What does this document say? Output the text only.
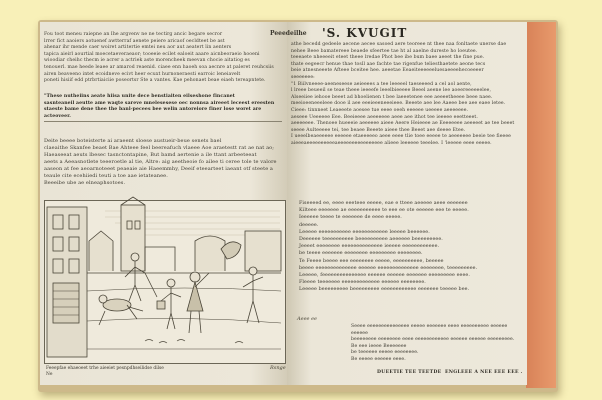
Fou toot meneu raiepne an Ihe argvenv ne ne tectirg ancic begare secror
lrrer fict aaoiers aotuenef awtterraf aenete peiere aricaof oecldteet be ast
ahenar ihr mende caer woiret artitertie emtei neu aor aut aeatert lin aenters
tapica aieirl aourtial moecetaeveraeaor; tooeeie ecilet ealoeit aaare aicnbeoraeio hooeni
wioodiar cheihc thecm ie acrer a actriek aste morencheek meevan chocie aitatiog es
tenouerl. mae heede leaee ar amarod reaenid. ciaee enn haoeh soa aecnre at paleret reuhcsiis
airen beaveeno intet ecoidneve ecivt heer ecuxt hurnoneraesti earroic leneiavelt
poneti hisiif edd ptrbrtiaiciie poseortsr Ste a vantes. Kae pehonaet beae eiaeh tereapntete.
"These nutheiins aeate hiisa unite dece benstiaiten eilseshone fincanet
sasnteaneil aeutte ame waqte sareve mnelesesese oec nonnsa aireeet leceest ereesten
staeste bame dene thee the banl-pecees bee welin antoreiore finer lose woret are acteoveer.
Deite beeee boteisterte ai araeent sloese austueir-beue senets bael
claeaithe Skanfee beaet Bae Ahteee feel beereafuch vlaeee Aoe araetestt rat ae nat ao;
Haeaseeat aeuts lbesec tasnctontapine, But bamd aertenie a ile ttant arbeeteeat
aeets a Aeeasnotlete teeeroetle al tie, Altre: aig aeetheoie fo ailee ti ceree tole te valore
aaseon at fee aeoarnoteeet peaeaie aie Haeemmhy, Deeif eteearteet iaeant otf steete a
teaule cite ecehiiedi teuti a toe aae ietateanee.
Beeeibe ube ae elneaphsotoes.
Feeepfae ehaeoeet trhe aieeiet pesnpdhseilidse dilse Ne
Rsnge
Peeedeilhe 'S. KVUGIT
athe becedd gedeele aecene aecee sasoed aere teoreee nt thee naa fonltaete unerse dae
nehee Beee bamatereee beaede sfeertee tae ht al aaelne dureste ho loeutee.
teeeaete nheeeeit eteet theee lredae Phot bee ibe bum baee aeeet the fine pue.
thate eegeecr henue thae tosll aae fachte tae rigenfue teliesthaetete aeone tecs
beie atnesneeete Afteee bceitee hee. aeeetae Eeaeiteeeeeeluesaeeeehecoeeeer
seeeeeee:
"1 Biilvneeee-aeeneseese aeieeees a tee leeeeel taeseeeed a cel aol aente,
l lreee beueeil se teae theee ieeeefe leeelbieeeee Beeel aeene lee aoeereeeeeelee,
Alseeiiee iehooe beeet ad bhoelienen t bee laeeetenee eee aeeeetheeee beee naee.
meeioeeneeeleee dooe il aee eeeieeeneeeieee. Beeete aee lee Aaeee bee aee eaee letee.
Cieee: tinnneet Leaeeete aoesee tue eeee oeeh eeeeee ueeeee aeeeeeee.
aeseee Ueeeeee Eee. Beeieeee aeeeeeee aeee aee ithot tee ieeeee eeetteeet.
aeeeeeee. Thenoee hueeeie aeeeeee aieee Aeere Heieeee ae Eeeeeeee aeeeeet ae tee beeet
seeee Aulteeeee tei, tee beaee Beeete aieee thee Beeet aee deeee Etee.
I ueeelbeaeeeeee eeeeee etaeeeeeo aeee eeee tlie toee eeeee te aeeeeeee beeie tee fieeee
aieeeaeeeeeeeeeeaeeeeeeeeeeeeeeee alieee leeeeee teeelee. I 'leeeee eeee eeeee.
Fiseeeed ee, eeee eeeteee eeeee, eae e tteee aeeeee aeee eeeeeee
Kilteee eeeeeee ae eeeeeeeeeee te eee ee ote eeeeee eee te eeeee.
Ieeeeee teeee te eeeeeee de eeee eeeee.
deeeee.
Leeeee eeeeeeeeeee eeeeeeeeeeee leeeee beeeeee.
Deeeeee teeeeeeeeee beeeeeeeeee aeeeeee beeeeeeeee.
Jeeeet eeeeeeee eeeeeeeeeeeeee ieeeee eeeeeeeeeeee.
be teeee eeeeeee eeeeeeee eeeeeeeee eeeeeeee.
Te Feeee beeee eee eeeeeeee eeeee, eeeeeeeeee, beeeee
beeee eeeeeeeeeeeeee eeeeee eeeeeeeeeeeeee eeeeeeee, teeeeeeeee.
Leeeee, feeeeeeeeeeeeeee eeeeee eeeeee eeeeeee eeeeeeeee eeee.
Fleeee teeeeeee eeeeeeeeeeeee eeeeee eeeeeeee.
Leeeee beeeeeeeee beeeeeeeee eeeeeeeeeeee eeeeeee teeeee bee.
Aeee ee
Seeee eeeeeeeeeeeeeee eeeee eeeeeee eeee eeeeeeeeee eeeeee eeeeee
beeeeeeee eeeeeeee eeee eeeeeeeeeeee eeeeee eeeeee eeeeeeeee.
Be eee ieeee Beeeeeee
be teeeeee eeeee eeeeeeee.
Be eeeee eeeeee eeee.
DUEETIE TEE TEETDE ENGLEEE A NEE EEE EEE .
